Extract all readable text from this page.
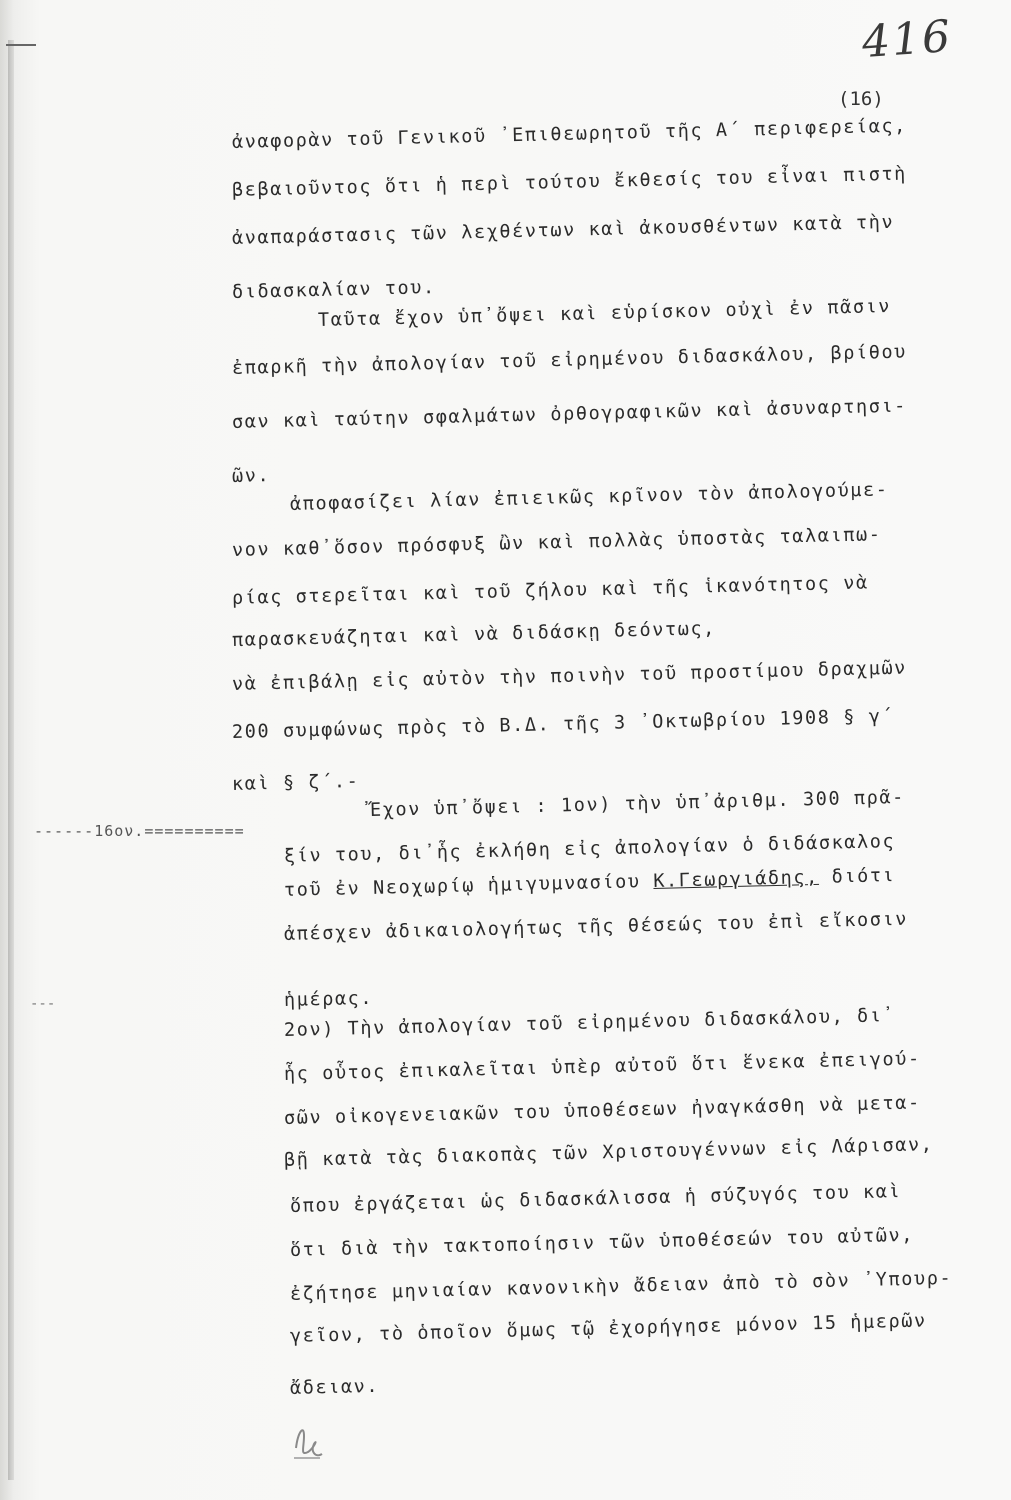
416
(16)
------16ον.==========
---
ἀναφορὰν τοῦ Γενικοῦ ᾿Επιθεωρητοῦ τῆς Α΄ περιφερείας,
βεβαιοῦντος ὅτι ἡ περὶ τούτου ἔκθεσίς του εἶναι πιστὴ
ἀναπαράστασις τῶν λεχθέντων καὶ ἀκουσθέντων κατὰ τὴν
διδασκαλίαν του.
Ταῦτα ἔχον ὑπ᾿ὄψει καὶ εὑρίσκον οὐχὶ ἐν πᾶσιν
ἐπαρκῆ τὴν ἀπολογίαν τοῦ εἰρημένου διδασκάλου, βρίθου
σαν καὶ ταύτην σφαλμάτων ὀρθογραφικῶν καὶ ἀσυναρτησι-
ῶν.
ἀποφασίζει λίαν ἐπιεικῶς κρῖνον τὸν ἀπολογούμε-
νον καθ᾿ὅσον πρόσφυξ ὢν καὶ πολλὰς ὑποστὰς ταλαιπω-
ρίας στερεῖται καὶ τοῦ ζήλου καὶ τῆς ἱκανότητος νὰ
παρασκευάζηται καὶ νὰ διδάσκῃ δεόντως,
νὰ ἐπιβάλῃ εἰς αὐτὸν τὴν ποινὴν τοῦ προστίμου δραχμῶν
200 συμφώνως πρὸς τὸ Β.Δ. τῆς 3 ᾿Οκτωβρίου 1908 § γ΄
καὶ § ζ΄.-
Ἔχον ὑπ᾿ὄψει : 1ον) τὴν ὑπ᾿ἀριθμ. 300 πρᾶ-
ξίν του, δι᾿ἧς ἐκλήθη εἰς ἀπολογίαν ὁ διδάσκαλος
τοῦ ἐν Νεοχωρίῳ ἡμιγυμνασίου Κ.Γεωργιάδης, διότι
ἀπέσχεν ἀδικαιολογήτως τῆς θέσεώς του ἐπὶ εἴκοσιν
ἡμέρας.
2ον) Τὴν ἀπολογίαν τοῦ εἰρημένου διδασκάλου, δι᾿
ἧς οὗτος ἐπικαλεῖται ὑπὲρ αὐτοῦ ὅτι ἕνεκα ἐπειγού-
σῶν οἰκογενειακῶν του ὑποθέσεων ἠναγκάσθη νὰ μετα-
βῇ κατὰ τὰς διακοπὰς τῶν Χριστουγέννων εἰς Λάρισαν,
ὅπου ἐργάζεται ὡς διδασκάλισσα ἡ σύζυγός του καὶ
ὅτι διὰ τὴν τακτοποίησιν τῶν ὑποθέσεών του αὐτῶν,
ἐζήτησε μηνιαίαν κανονικὴν ἄδειαν ἀπὸ τὸ σὸν ᾿Υπουρ-
γεῖον, τὸ ὁποῖον ὅμως τῷ ἐχορήγησε μόνον 15 ἡμερῶν
ἄδειαν.
